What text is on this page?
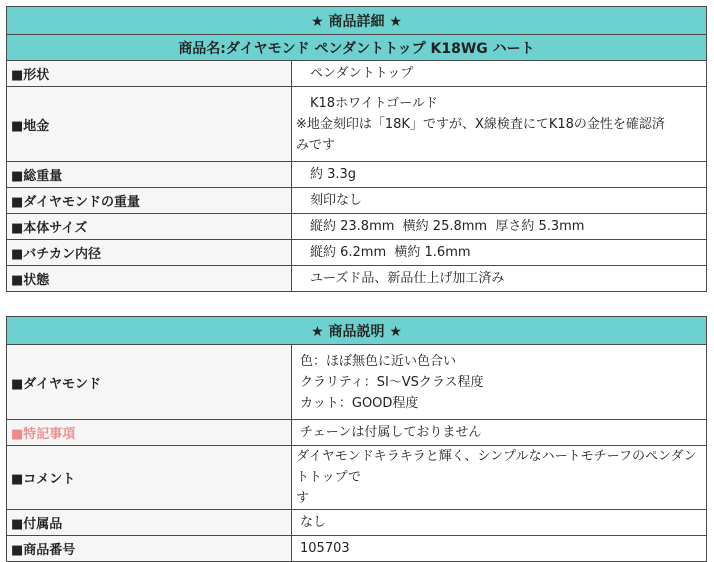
★ 商品詳細 ★	
商品名:ダイヤモンド ペンダントトップ K18WG ハート	
■形状	ペンダントトップ

■地金	K18ホワイトゴールド
※地金刻印は「18K」ですが、X線検査にてK18の金性を確認済
みです

■総重量	約 3.3g

■ダイヤモンドの重量	刻印なし

■本体サイズ	縦約 23.8mm  横約 25.8mm  厚さ約 5.3mm

■バチカン内径	縦約 6.2mm  横約 1.6mm

■状態	ユーズド品、新品仕上げ加工済み
★ 商品説明 ★	
■ダイヤモンド	色：ほぼ無色に近い色合い
クラリティ：SI～VSクラス程度
カット：GOOD程度

■特記事項	チェーンは付属しておりません

■コメント	ダイヤモンドキラキラと輝く、シンプルなハートモチーフのペンダントトップで
す

■付属品	なし

■商品番号	105703
